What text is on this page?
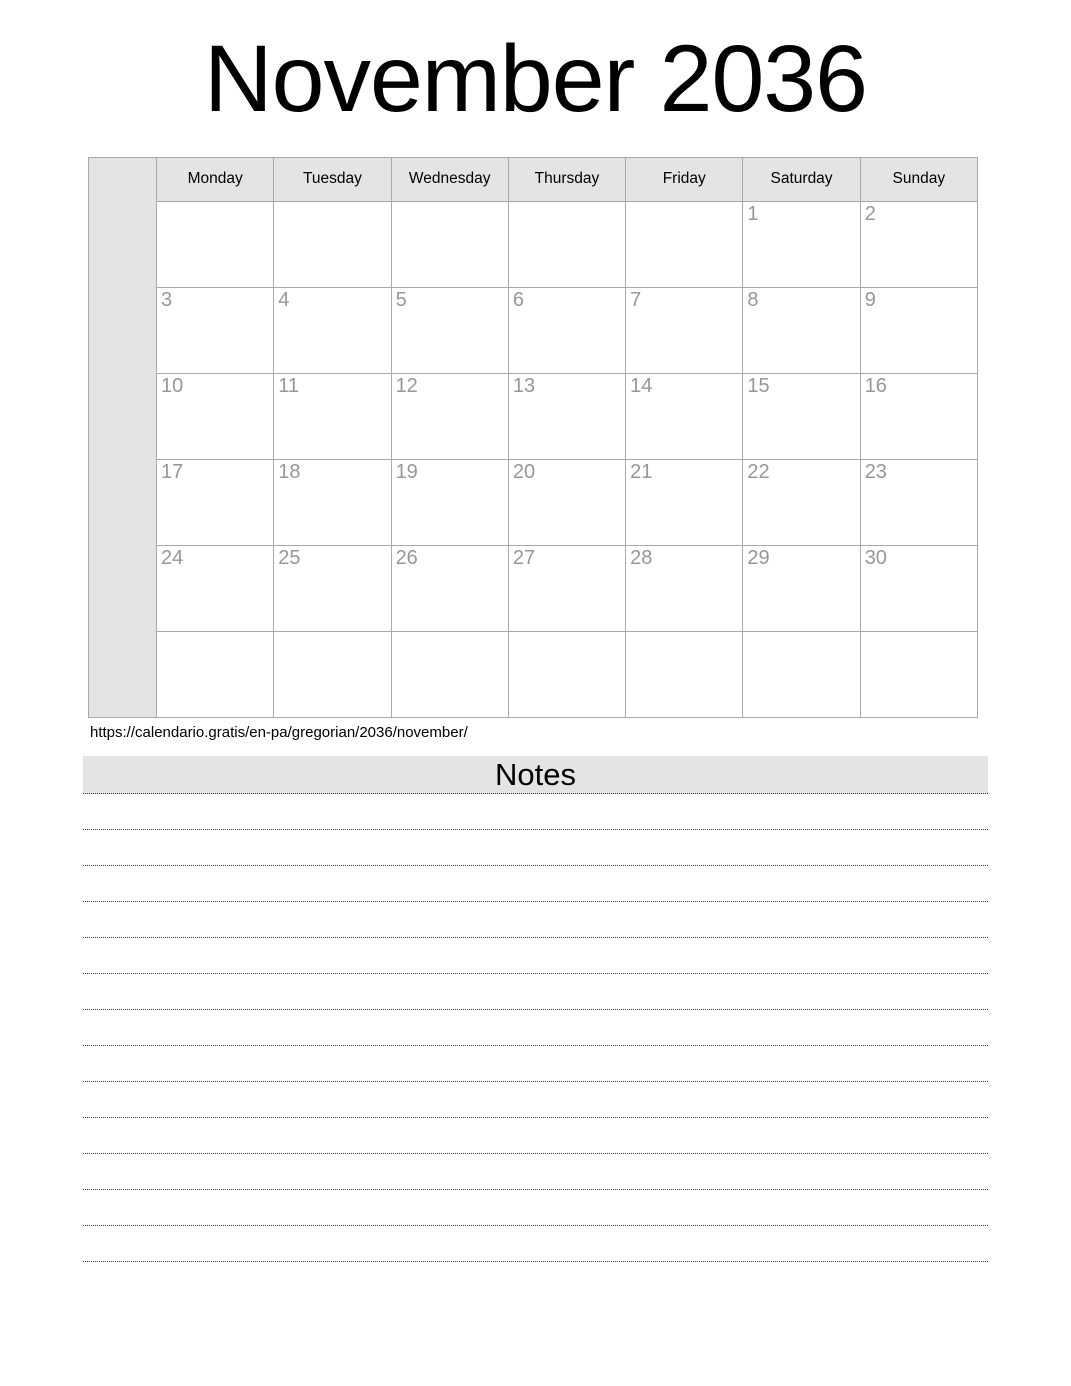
November 2036
	Monday	Tuesday	Wednesday	Thursday	Friday	Saturday	Sunday
						1	2
	3	4	5	6	7	8	9
	10	11	12	13	14	15	16
	17	18	19	20	21	22	23
	24	25	26	27	28	29	30

https://calendario.gratis/en-pa/gregorian/2036/november/
Notes
